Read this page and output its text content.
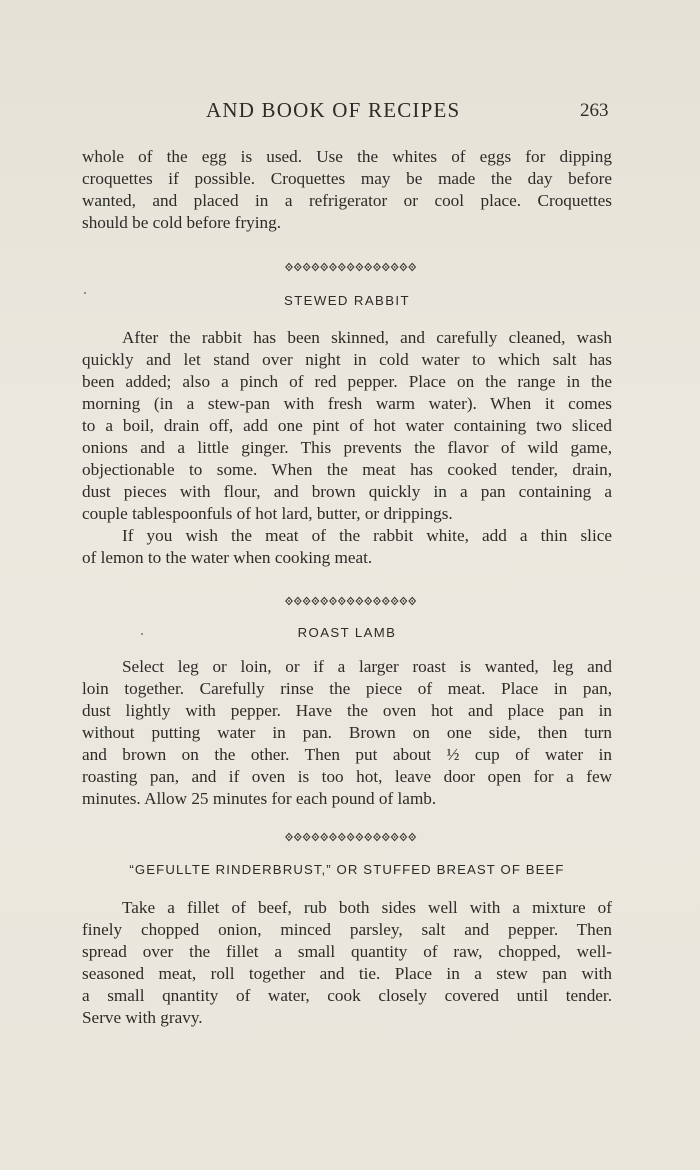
AND BOOK OF RECIPES	263
whole of the egg is used. Use the whites of eggs for dipping
croquettes if possible. Croquettes may be made the day before
wanted, and placed in a refrigerator or cool place. Croquettes
should be cold before frying.
STEWED RABBIT
After the rabbit has been skinned, and carefully cleaned, wash
quickly and let stand over night in cold water to which salt has
been added; also a pinch of red pepper. Place on the range in the
morning (in a stew-pan with fresh warm water). When it comes
to a boil, drain off, add one pint of hot water containing two sliced
onions and a little ginger. This prevents the flavor of wild game,
objectionable to some. When the meat has cooked tender, drain,
dust pieces with flour, and brown quickly in a pan containing a
couple tablespoonfuls of hot lard, butter, or drippings.
If you wish the meat of the rabbit white, add a thin slice
of lemon to the water when cooking meat.
ROAST LAMB
Select leg or loin, or if a larger roast is wanted, leg and
loin together. Carefully rinse the piece of meat. Place in pan,
dust lightly with pepper. Have the oven hot and place pan in
without putting water in pan. Brown on one side, then turn
and brown on the other. Then put about ½ cup of water in
roasting pan, and if oven is too hot, leave door open for a few
minutes. Allow 25 minutes for each pound of lamb.
“GEFULLTE RINDERBRUST,” OR STUFFED BREAST OF BEEF
Take a fillet of beef, rub both sides well with a mixture of
finely chopped onion, minced parsley, salt and pepper. Then
spread over the fillet a small quantity of raw, chopped, well-
seasoned meat, roll together and tie. Place in a stew pan with
a small qnantity of water, cook closely covered until tender.
Serve with gravy.
